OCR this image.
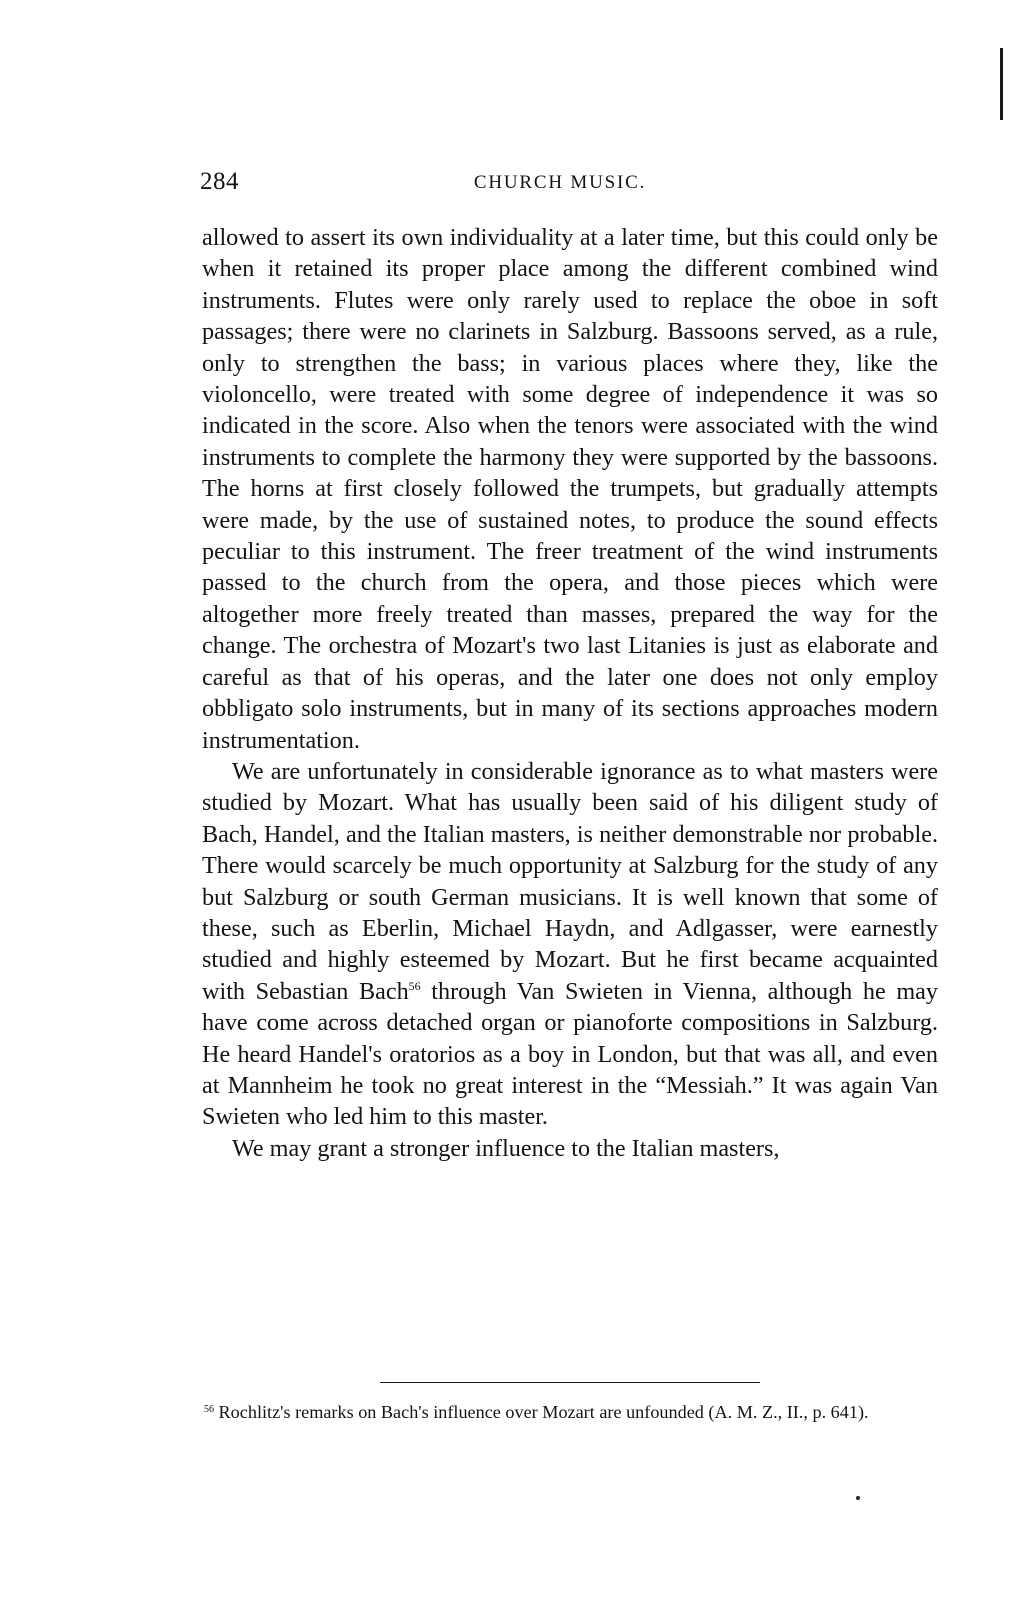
284	CHURCH MUSIC.

allowed to assert its own individuality at a later time, but this could only be when it retained its proper place among the different combined wind instruments. Flutes were only rarely used to replace the oboe in soft passages; there were no clarinets in Salzburg. Bassoons served, as a rule, only to strengthen the bass; in various places where they, like the violoncello, were treated with some degree of independence it was so indicated in the score. Also when the tenors were associated with the wind instruments to complete the harmony they were supported by the bassoons. The horns at first closely followed the trumpets, but gradually attempts were made, by the use of sustained notes, to produce the sound effects peculiar to this instrument. The freer treatment of the wind instruments passed to the church from the opera, and those pieces which were altogether more freely treated than masses, prepared the way for the change. The orchestra of Mozart's two last Litanies is just as elaborate and careful as that of his operas, and the later one does not only employ obbligato solo instruments, but in many of its sections approaches modern instrumentation.

We are unfortunately in considerable ignorance as to what masters were studied by Mozart. What has usually been said of his diligent study of Bach, Handel, and the Italian masters, is neither demonstrable nor probable. There would scarcely be much opportunity at Salzburg for the study of any but Salzburg or south German musicians. It is well known that some of these, such as Eberlin, Michael Haydn, and Adlgasser, were earnestly studied and highly esteemed by Mozart. But he first became acquainted with Sebastian Bach$^{56}$ through Van Swieten in Vienna, although he may have come across detached organ or pianoforte compositions in Salzburg. He heard Handel's oratorios as a boy in London, but that was all, and even at Mannheim he took no great interest in the “Messiah.” It was again Van Swieten who led him to this master.

We may grant a stronger influence to the Italian masters,

$^{56}$ Rochlitz's remarks on Bach's influence over Mozart are unfounded (A. M. Z., II., p. 641).
